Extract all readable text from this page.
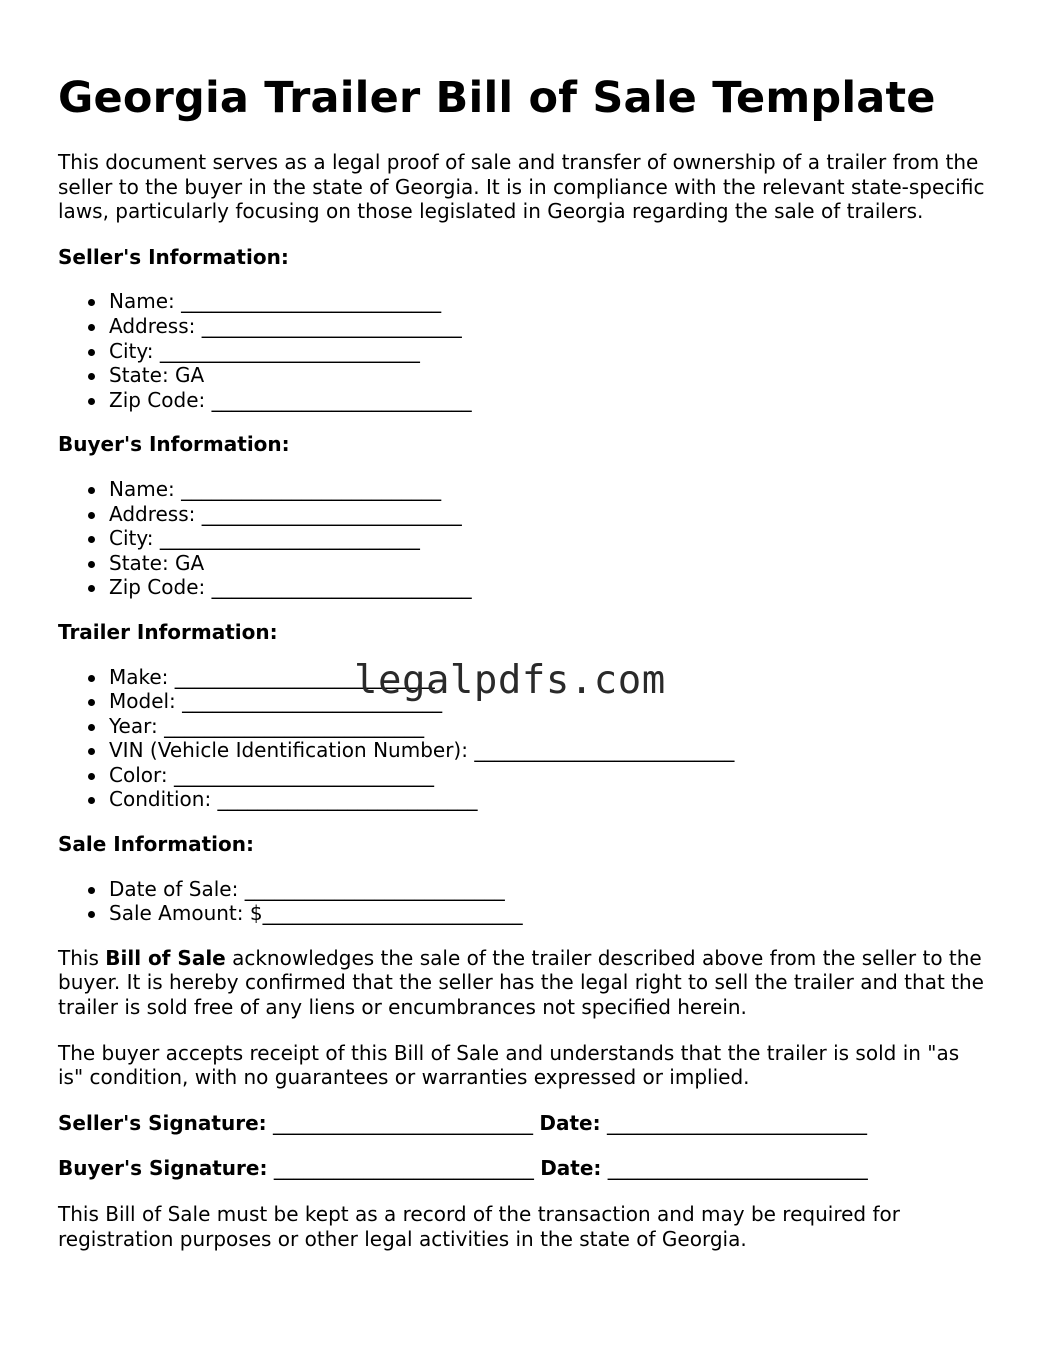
Georgia Trailer Bill of Sale Template

This document serves as a legal proof of sale and transfer of ownership of a trailer from the seller to the buyer in the state of Georgia. It is in compliance with the relevant state-specific laws, particularly focusing on those legislated in Georgia regarding the sale of trailers.

Seller's Information:
Name: __________________________
Address: __________________________
City: __________________________
State: GA
Zip Code: __________________________
Buyer's Information:
Name: __________________________
Address: __________________________
City: __________________________
State: GA
Zip Code: __________________________
Trailer Information:
Make: __________________________
Model: __________________________
Year: __________________________
VIN (Vehicle Identification Number): __________________________
Color: __________________________
Condition: __________________________
Sale Information:
Date of Sale: __________________________
Sale Amount: $__________________________

This Bill of Sale acknowledges the sale of the trailer described above from the seller to the buyer. It is hereby confirmed that the seller has the legal right to sell the trailer and that the trailer is sold free of any liens or encumbrances not specified herein.

The buyer accepts receipt of this Bill of Sale and understands that the trailer is sold in "as is" condition, with no guarantees or warranties expressed or implied.

Seller's Signature: __________________________ Date: __________________________
Buyer's Signature: __________________________ Date: __________________________

This Bill of Sale must be kept as a record of the transaction and may be required for registration purposes or other legal activities in the state of Georgia.

legalpdfs.com
